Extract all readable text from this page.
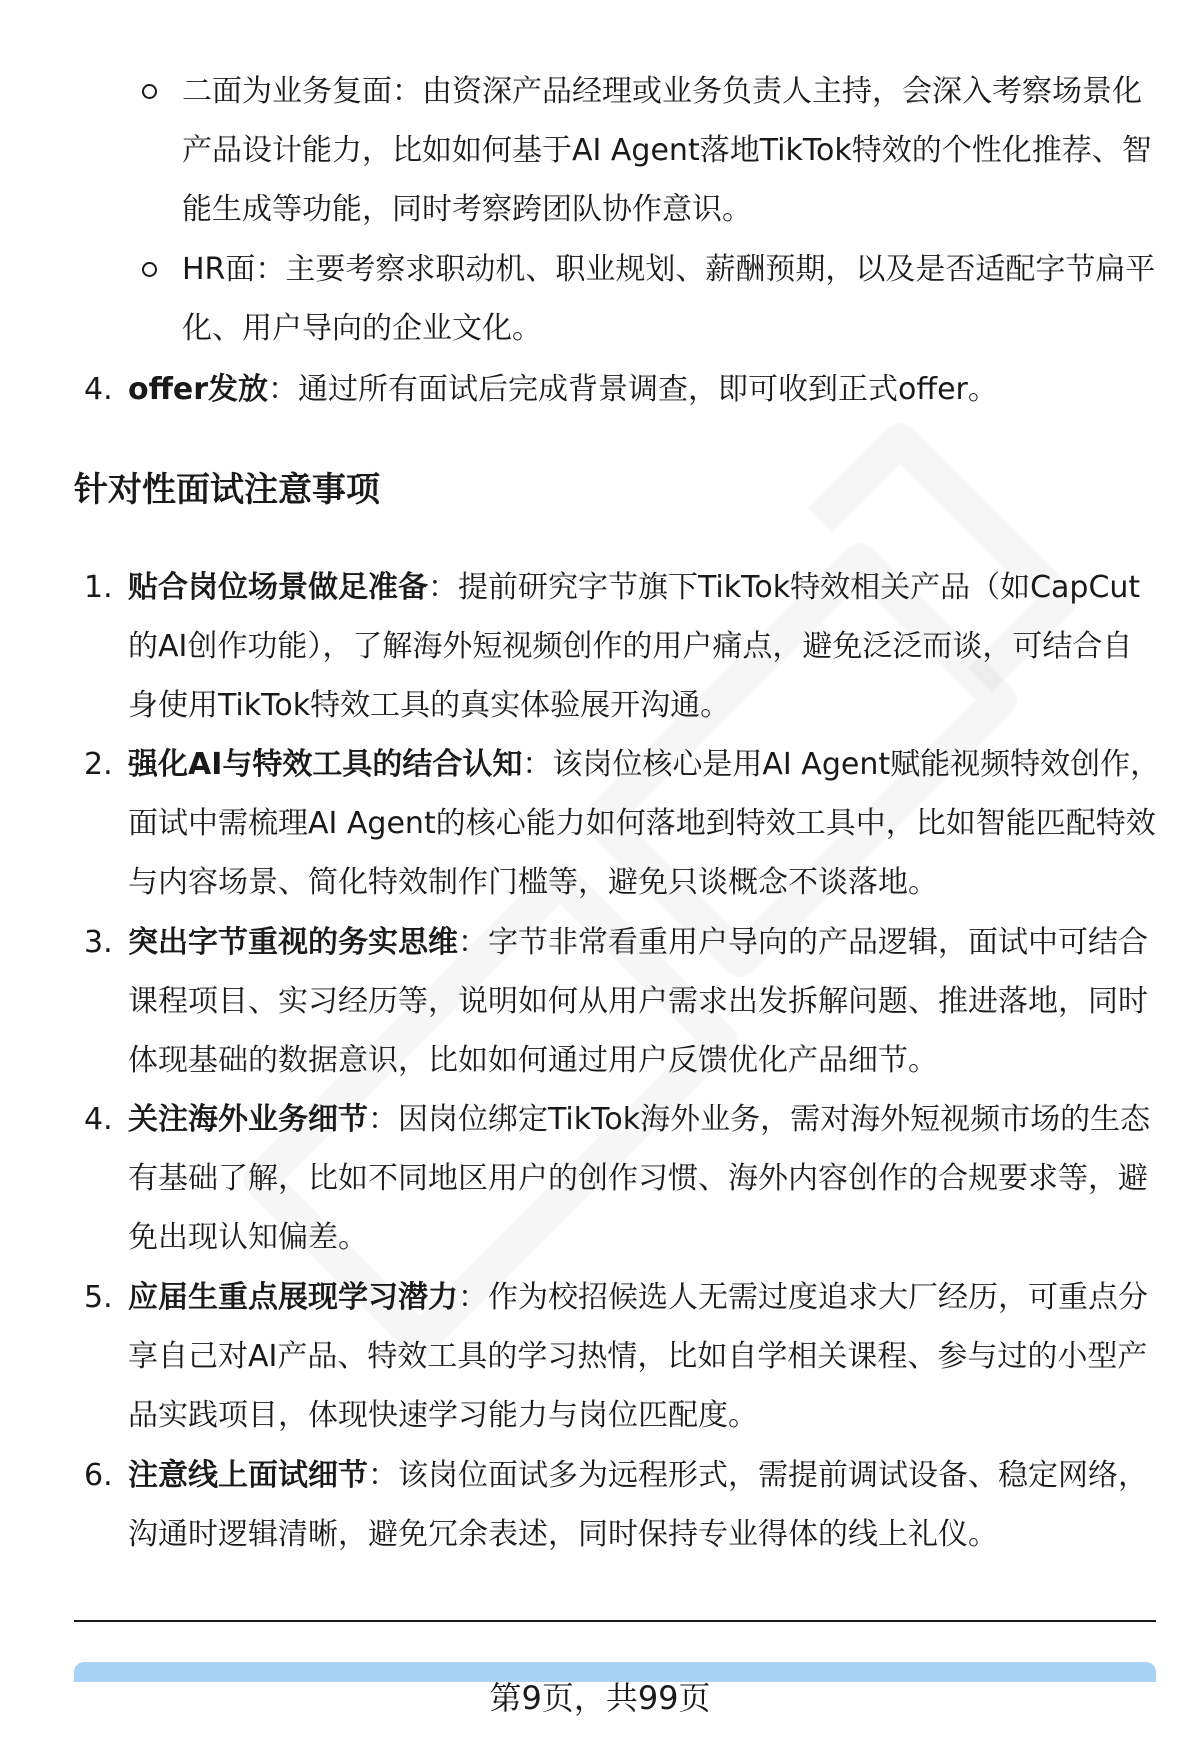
二面为业务复面：由资深产品经理或业务负责人主持，会深入考察场景化
产品设计能力，比如如何基于AI Agent落地TikTok特效的个性化推荐、智
能生成等功能，同时考察跨团队协作意识。
HR面：主要考察求职动机、职业规划、薪酬预期，以及是否适配字节扁平
化、用户导向的企业文化。
4. offer发放：通过所有面试后完成背景调查，即可收到正式offer。
针对性面试注意事项
1. 贴合岗位场景做足准备：提前研究字节旗下TikTok特效相关产品（如CapCut
的AI创作功能），了解海外短视频创作的用户痛点，避免泛泛而谈，可结合自
身使用TikTok特效工具的真实体验展开沟通。
2. 强化AI与特效工具的结合认知：该岗位核心是用AI Agent赋能视频特效创作，
面试中需梳理AI Agent的核心能力如何落地到特效工具中，比如智能匹配特效
与内容场景、简化特效制作门槛等，避免只谈概念不谈落地。
3. 突出字节重视的务实思维：字节非常看重用户导向的产品逻辑，面试中可结合
课程项目、实习经历等，说明如何从用户需求出发拆解问题、推进落地，同时
体现基础的数据意识，比如如何通过用户反馈优化产品细节。
4. 关注海外业务细节：因岗位绑定TikTok海外业务，需对海外短视频市场的生态
有基础了解，比如不同地区用户的创作习惯、海外内容创作的合规要求等，避
免出现认知偏差。
5. 应届生重点展现学习潜力：作为校招候选人无需过度追求大厂经历，可重点分
享自己对AI产品、特效工具的学习热情，比如自学相关课程、参与过的小型产
品实践项目，体现快速学习能力与岗位匹配度。
6. 注意线上面试细节：该岗位面试多为远程形式，需提前调试设备、稳定网络，
沟通时逻辑清晰，避免冗余表述，同时保持专业得体的线上礼仪。
第9页，共99页
